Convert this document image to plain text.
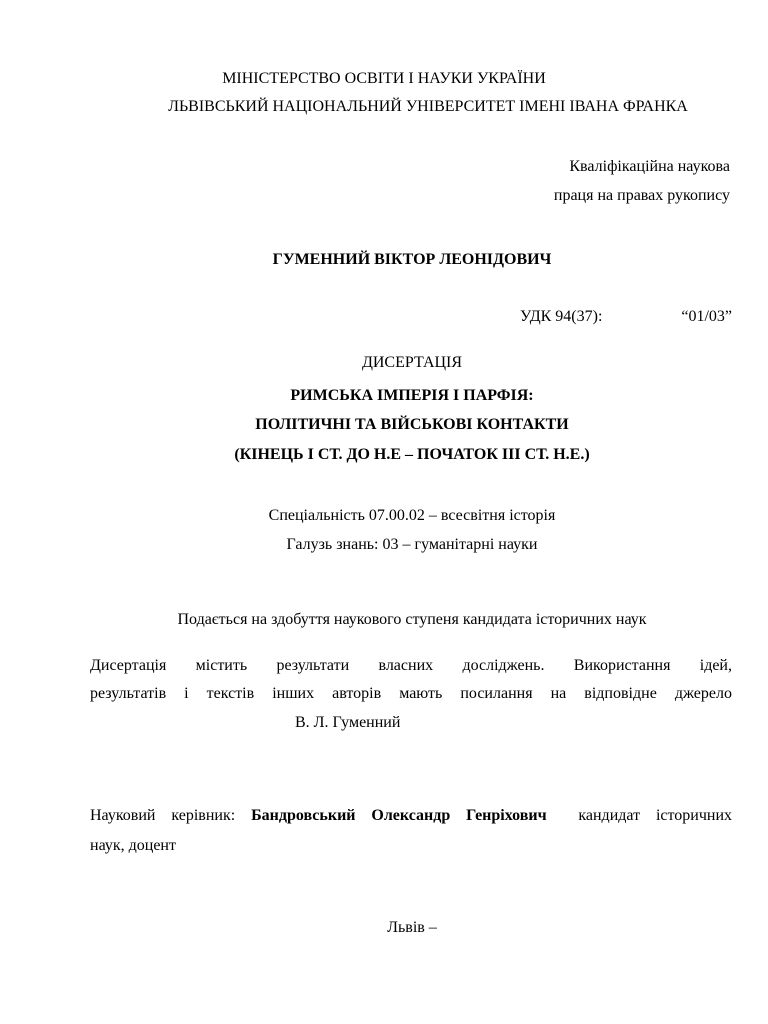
МІНІСТЕРСТВО ОСВІТИ І НАУКИ УКРАЇНИ
ЛЬВІВСЬКИЙ НАЦІОНАЛЬНИЙ УНІВЕРСИТЕТ ІМЕНІ ІВАНА ФРАНКА
Кваліфікаційна наукова
праця на правах рукопису
ГУМЕННИЙ ВІКТОР ЛЕОНІДОВИЧ
УДК 94(37):	“01/03”
ДИСЕРТАЦІЯ
РИМСЬКА ІМПЕРІЯ І ПАРФІЯ:
ПОЛІТИЧНІ ТА ВІЙСЬКОВІ КОНТАКТИ
(КІНЕЦЬ І СТ. ДО Н.Е – ПОЧАТОК ІІІ СТ. Н.Е.)
Спеціальність 07.00.02 – всесвітня історія
Галузь знань: 03 – гуманітарні науки
Подається на здобуття наукового ступеня кандидата історичних наук
Дисертація містить результати власних досліджень. Використання ідей,
результатів і текстів інших авторів мають посилання на відповідне джерело
В. Л. Гуменний
Науковий керівник: Бандровський Олександр Генріхович  кандидат історичних
наук, доцент
Львів –
